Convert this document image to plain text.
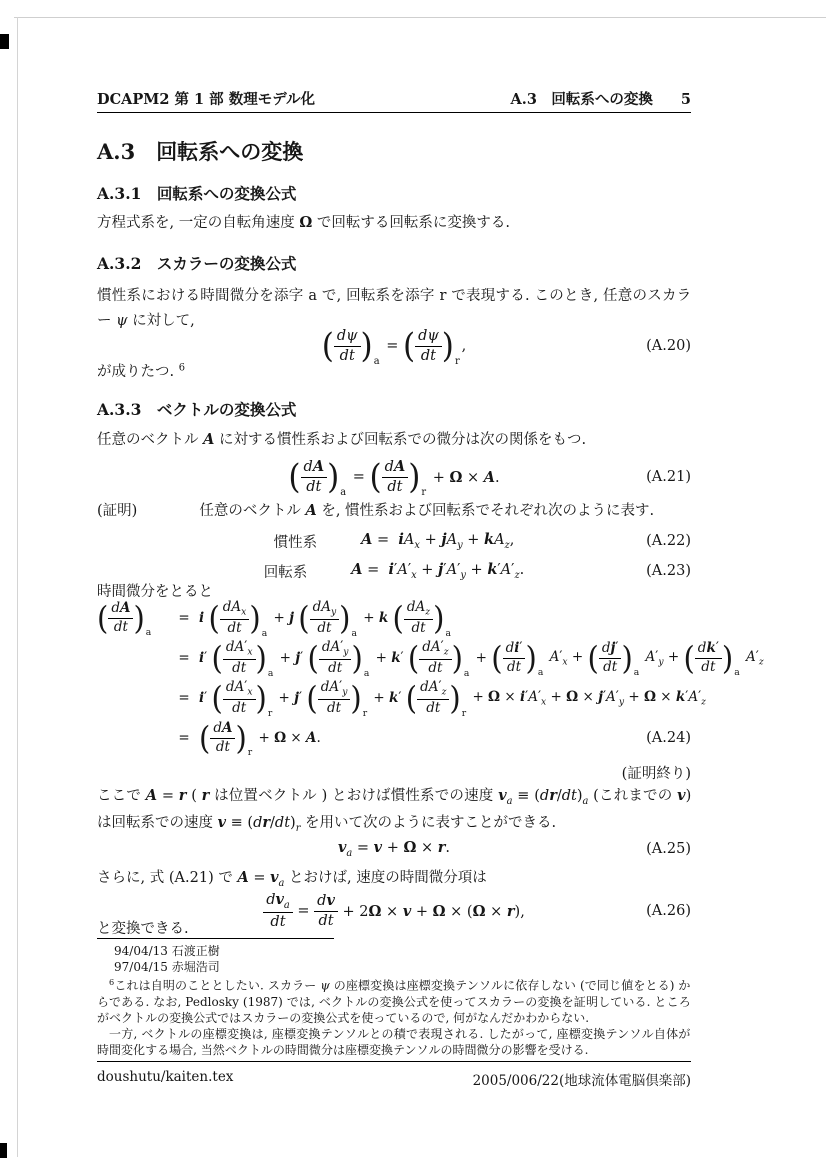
DCAPM2 第 1 部 数理モデル化	A.3　回転系への変換 5
A.3　回転系への変換
A.3.1　回転系への変換公式

方程式系を, 一定の自転角速度 Ω で回転する回転系に変換する.

A.3.2　スカラーの変換公式

慣性系における時間微分を添字 a で, 回転系を添字 r で表現する. このとき, 任意のスカラー ψ に対して,

( $\frac{d\psi}{dt}$ ) a
= ( $\frac{d\psi}{dt}$ ) r
,	(A.20)

が成りたつ. $^6$

A.3.3　ベクトルの変換公式

任意のベクトル A に対する慣性系および回転系での微分は次の関係をもつ.

( $\frac{dA}{dt}$ ) a
= ( $\frac{dA}{dt}$ ) r
+ Ω × A.	(A.21)

(証明)	任意のベクトル A を, 慣性系および回転系でそれぞれ次のように表す.

慣性系	$A = iA_x + jA_y + kA_z$,	(A.22)
回転系	$A = i'A'_x + j'A'_y + k'A'_z$.	(A.23)

時間微分をとると

( $\frac{dA}{dt}$ ) a
= i ( $\frac{dA_x}{dt}$ ) a
+ j ( $\frac{dA_y}{dt}$ ) a
+ k ( $\frac{dA_z}{dt}$ ) a
= i′ ( $\frac{dA'_x}{dt}$ ) a
+ j′ ( $\frac{dA'_y}{dt}$ ) a
+ k′ ( $\frac{dA'_z}{dt}$ ) a
+ ( $\frac{di'}{dt}$ ) a
$A'_x$ + ( $\frac{dj'}{dt}$ ) a
$A'_y$ + ( $\frac{dk'}{dt}$ ) a
$A'_z$
= i′ ( $\frac{dA'_x}{dt}$ ) r
+ j′ ( $\frac{dA'_y}{dt}$ ) r
+ k′ ( $\frac{dA'_z}{dt}$ ) r
+ $\Omega \times i'A'_x + \Omega \times j'A'_y + \Omega \times k'A'_z$
= ( $\frac{dA}{dt}$ ) r
+ Ω × A.	(A.24)
(証明終り)

ここで A = r ( r は位置ベクトル ) とおけば慣性系での速度 $v_a \equiv (dr/dt)_a$ (これまでの v) は回転系での速度 $v \equiv (dr/dt)_r$ を用いて次のように表すことができる.

$v_a = v + \Omega \times r$.	(A.25)

さらに, 式 (A.21) で $A = v_a$ とおけば, 速度の時間微分項は

$\frac{dv_a}{dt} = \frac{dv}{dt} + 2\Omega \times v + \Omega \times (\Omega \times r)$,	(A.26)

と変換できる.

94/04/13 石渡正樹
97/04/15 赤堀浩司

$^6$これは自明のこととしたい. スカラー ψ の座標変換は座標変換テンソルに依存しない (で同じ値をとる) からである. なお, Pedlosky (1987) では, ベクトルの変換公式を使ってスカラーの変換を証明している. ところがベクトルの変換公式ではスカラーの変換公式を使っているので, 何がなんだかわからない.

一方, ベクトルの座標変換は, 座標変換テンソルとの積で表現される. したがって, 座標変換テンソル自体が時間変化する場合, 当然ベクトルの時間微分は座標変換テンソルの時間微分の影響を受ける.

doushutu/kaiten.tex	2005/006/22(地球流体電脳倶楽部)
